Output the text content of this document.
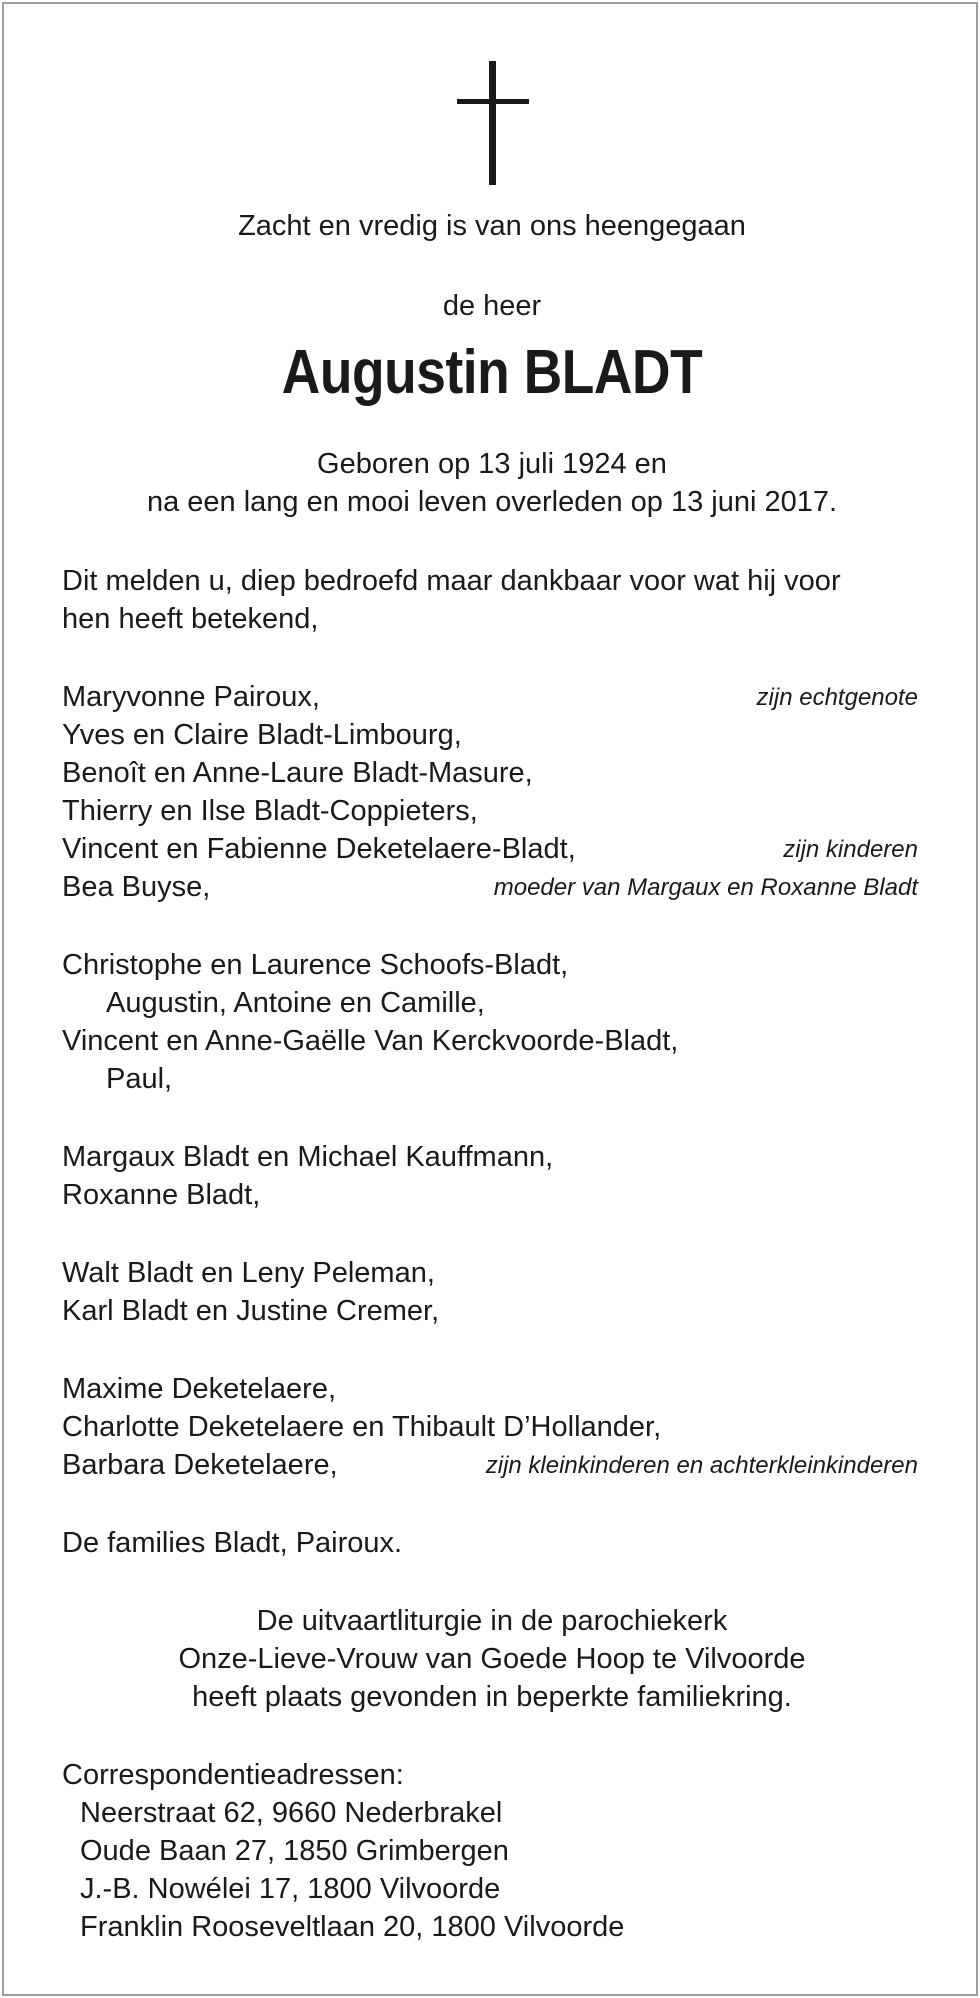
Zacht en vredig is van ons heengegaan
de heer
Augustin BLADT
Geboren op 13 juli 1924 en
na een lang en mooi leven overleden op 13 juni 2017.
Dit melden u, diep bedroefd maar dankbaar voor wat hij voor
hen heeft betekend,
Maryvonne Pairoux,	zijn echtgenote
Yves en Claire Bladt-Limbourg,
Benoît en Anne-Laure Bladt-Masure,
Thierry en Ilse Bladt-Coppieters,
Vincent en Fabienne Deketelaere-Bladt,	zijn kinderen
Bea Buyse,	moeder van Margaux en Roxanne Bladt
Christophe en Laurence Schoofs-Bladt,
Augustin, Antoine en Camille,
Vincent en Anne-Gaëlle Van Kerckvoorde-Bladt,
Paul,
Margaux Bladt en Michael Kauffmann,
Roxanne Bladt,
Walt Bladt en Leny Peleman,
Karl Bladt en Justine Cremer,
Maxime Deketelaere,
Charlotte Deketelaere en Thibault D’Hollander,
Barbara Deketelaere,	zijn kleinkinderen en achterkleinkinderen
De families Bladt, Pairoux.
De uitvaartliturgie in de parochiekerk
Onze-Lieve-Vrouw van Goede Hoop te Vilvoorde
heeft plaats gevonden in beperkte familiekring.
Correspondentieadressen:
Neerstraat 62, 9660 Nederbrakel
Oude Baan 27, 1850 Grimbergen
J.-B. Nowélei 17, 1800 Vilvoorde
Franklin Rooseveltlaan 20, 1800 Vilvoorde
